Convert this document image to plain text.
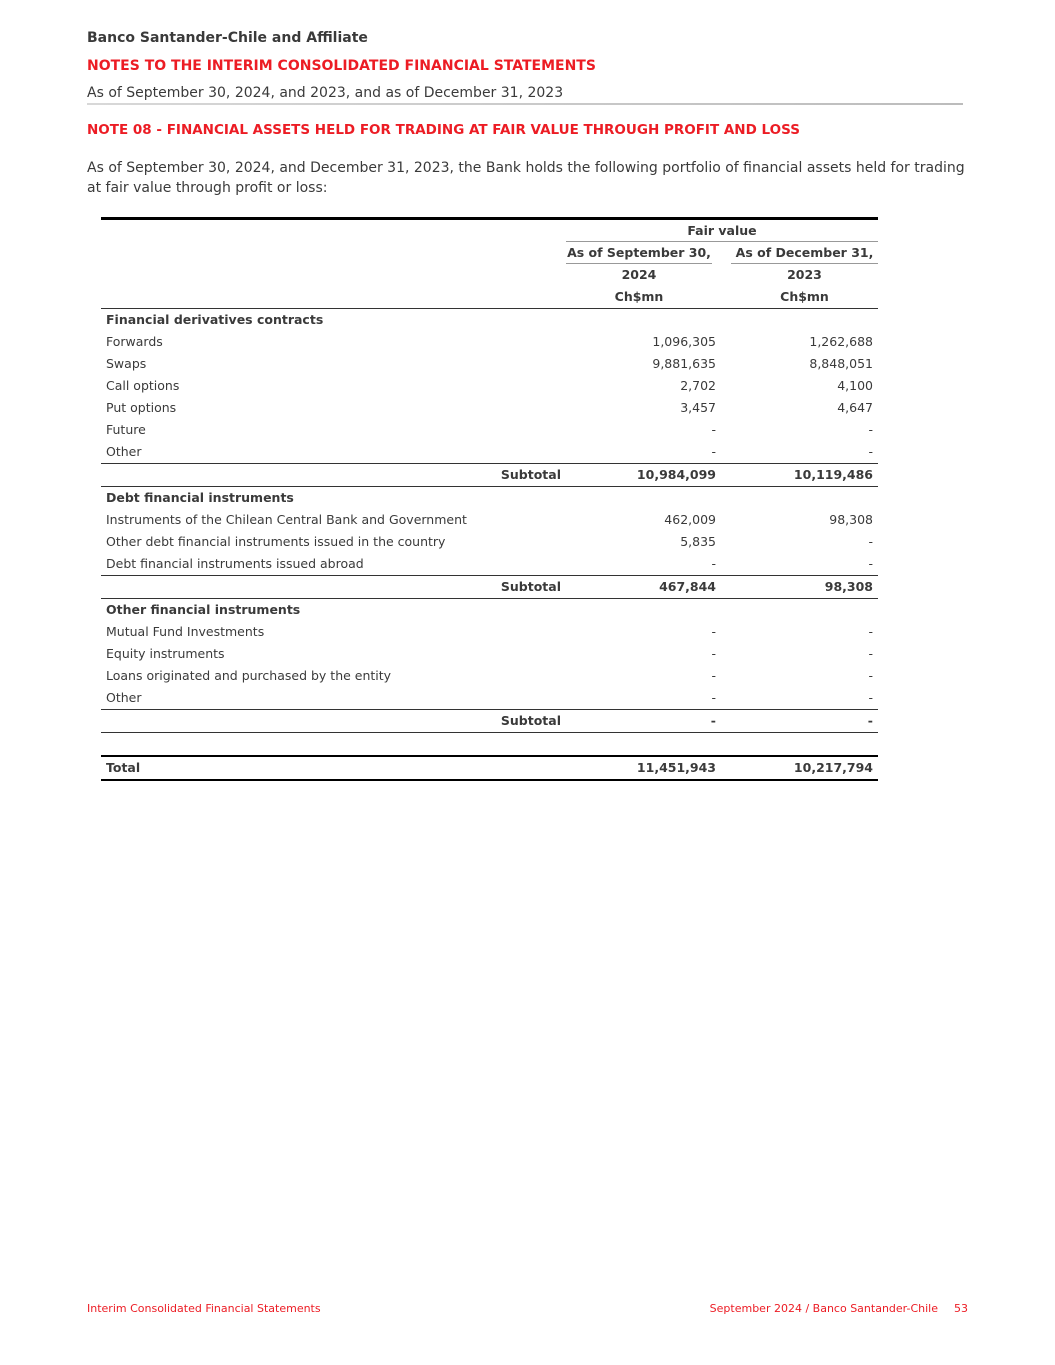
Banco Santander-Chile and Affiliate
NOTES TO THE INTERIM CONSOLIDATED FINANCIAL STATEMENTS
As of September 30, 2024, and 2023, and as of December 31, 2023
NOTE 08 - FINANCIAL ASSETS HELD FOR TRADING AT FAIR VALUE THROUGH PROFIT AND LOSS
As of September 30, 2024, and December 31, 2023, the Bank holds the following portfolio of financial assets held for trading at fair value through profit or loss:
Fair value
As of September 30,	As of December 31,
2024	2023
Ch$mn	Ch$mn
Financial derivatives contracts
Forwards	1,096,305	1,262,688
Swaps	9,881,635	8,848,051
Call options	2,702	4,100
Put options	3,457	4,647
Future	-	-
Other	-	-
Subtotal	10,984,099	10,119,486
Debt financial instruments
Instruments of the Chilean Central Bank and Government	462,009	98,308
Other debt financial instruments issued in the country	5,835	-
Debt financial instruments issued abroad	-	-
Subtotal	467,844	98,308
Other financial instruments
Mutual Fund Investments	-	-
Equity instruments	-	-
Loans originated and purchased by the entity	-	-
Other	-	-
Subtotal	-	-
Total	11,451,943	10,217,794
Interim Consolidated Financial Statements	September 2024 / Banco Santander-Chile 53
